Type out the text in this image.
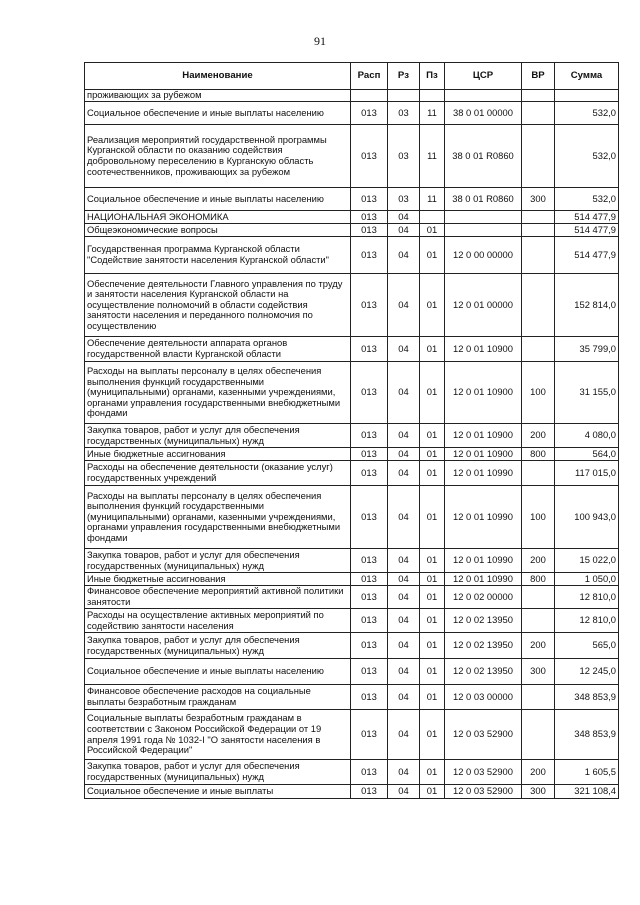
91
Наименование	Расп	Рз	Пз	ЦСР	ВР	Сумма
проживающих за рубежом						
Социальное обеспечение и иные выплаты населению	013	03	11	38 0 01 00000		532,0
Реализация мероприятий государственной программы Курганской области по оказанию содействия добровольному переселению в Курганскую область соотечественников, проживающих за рубежом	013	03	11	38 0 01 R0860		532,0
Социальное обеспечение и иные выплаты населению	013	03	11	38 0 01 R0860	300	532,0
НАЦИОНАЛЬНАЯ ЭКОНОМИКА	013	04				514 477,9
Общеэкономические вопросы	013	04	01			514 477,9
Государственная программа Курганской области "Содействие занятости населения Курганской области"	013	04	01	12 0 00 00000		514 477,9
Обеспечение деятельности Главного управления по труду и занятости населения Курганской области на осуществление полномочий в области содействия занятости населения и переданного полномочия по осуществлению	013	04	01	12 0 01 00000		152 814,0
Обеспечение деятельности аппарата органов государственной власти Курганской области	013	04	01	12 0 01 10900		35 799,0
Расходы на выплаты персоналу в целях обеспечения выполнения функций государственными (муниципальными) органами, казенными учреждениями, органами управления государственными внебюджетными фондами	013	04	01	12 0 01 10900	100	31 155,0
Закупка товаров, работ и услуг для обеспечения государственных (муниципальных) нужд	013	04	01	12 0 01 10900	200	4 080,0
Иные бюджетные ассигнования	013	04	01	12 0 01 10900	800	564,0
Расходы на обеспечение деятельности (оказание услуг) государственных учреждений	013	04	01	12 0 01 10990		117 015,0
Расходы на выплаты персоналу в целях обеспечения выполнения функций государственными (муниципальными) органами, казенными учреждениями, органами управления государственными внебюджетными фондами	013	04	01	12 0 01 10990	100	100 943,0
Закупка товаров, работ и услуг для обеспечения государственных (муниципальных) нужд	013	04	01	12 0 01 10990	200	15 022,0
Иные бюджетные ассигнования	013	04	01	12 0 01 10990	800	1 050,0
Финансовое обеспечение мероприятий активной политики занятости	013	04	01	12 0 02 00000		12 810,0
Расходы на осуществление активных мероприятий по содействию занятости населения	013	04	01	12 0 02 13950		12 810,0
Закупка товаров, работ и услуг для обеспечения государственных (муниципальных) нужд	013	04	01	12 0 02 13950	200	565,0
Социальное обеспечение и иные выплаты населению	013	04	01	12 0 02 13950	300	12 245,0
Финансовое обеспечение расходов на социальные выплаты безработным гражданам	013	04	01	12 0 03 00000		348 853,9
Социальные выплаты безработным гражданам в соответствии с Законом Российской Федерации от 19 апреля 1991 года № 1032-I "О занятости населения в Российской Федерации"	013	04	01	12 0 03 52900		348 853,9
Закупка товаров, работ и услуг для обеспечения государственных (муниципальных) нужд	013	04	01	12 0 03 52900	200	1 605,5
Социальное обеспечение и иные выплаты	013	04	01	12 0 03 52900	300	321 108,4
